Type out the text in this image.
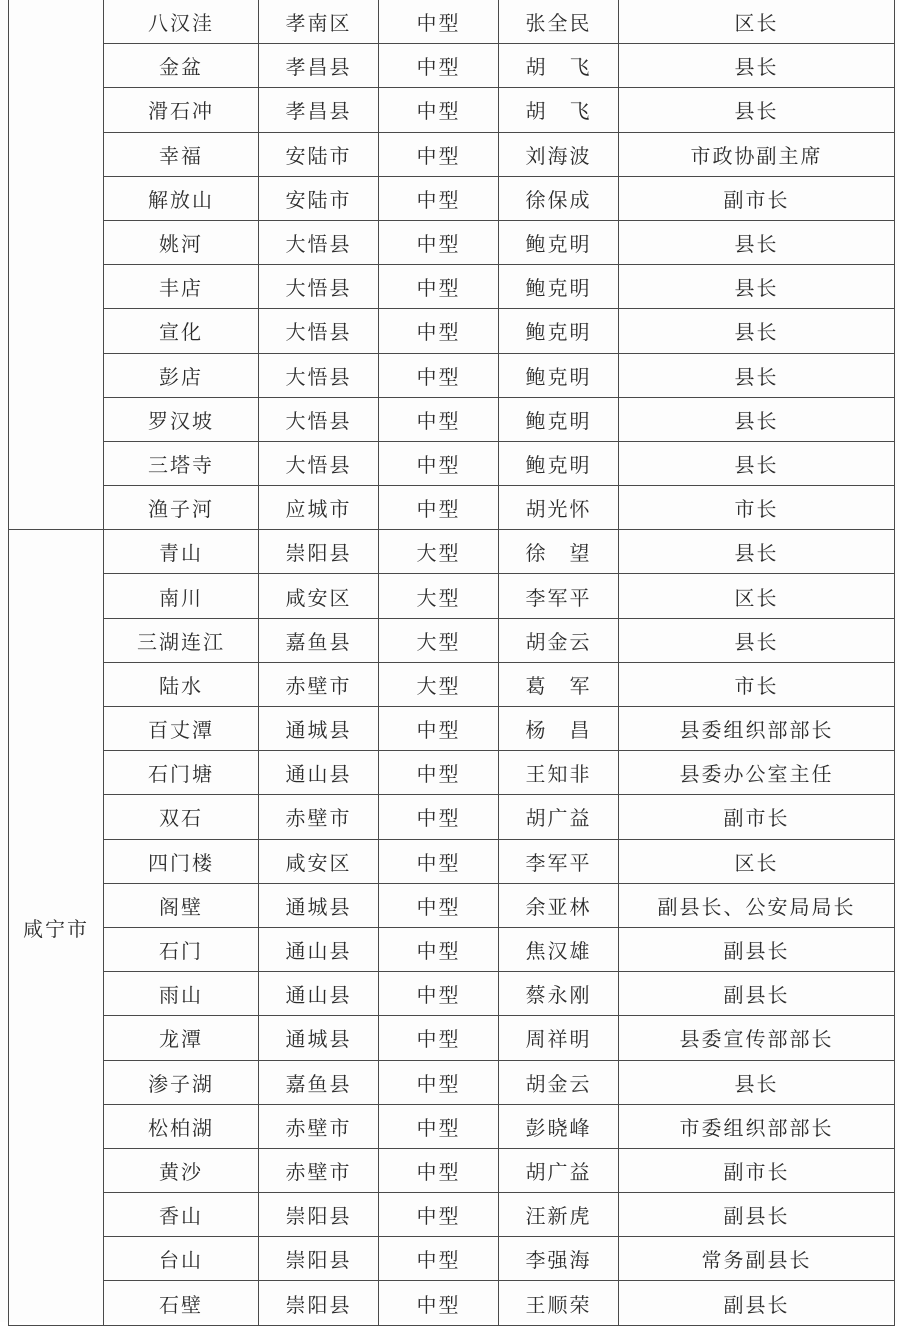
	八汉洼	孝南区	中型	张全民	区长
	金盆	孝昌县	中型	胡　飞	县长
	滑石冲	孝昌县	中型	胡　飞	县长
	幸福	安陆市	中型	刘海波	市政协副主席
	解放山	安陆市	中型	徐保成	副市长
	姚河	大悟县	中型	鲍克明	县长
	丰店	大悟县	中型	鲍克明	县长
	宣化	大悟县	中型	鲍克明	县长
	彭店	大悟县	中型	鲍克明	县长
	罗汉坡	大悟县	中型	鲍克明	县长
	三塔寺	大悟县	中型	鲍克明	县长
	渔子河	应城市	中型	胡光怀	市长
咸宁市	青山	崇阳县	大型	徐　望	县长
	南川	咸安区	大型	李军平	区长
	三湖连江	嘉鱼县	大型	胡金云	县长
	陆水	赤壁市	大型	葛　军	市长
	百丈潭	通城县	中型	杨　昌	县委组织部部长
	石门塘	通山县	中型	王知非	县委办公室主任
	双石	赤壁市	中型	胡广益	副市长
	四门楼	咸安区	中型	李军平	区长
	阁壁	通城县	中型	余亚林	副县长、公安局局长
	石门	通山县	中型	焦汉雄	副县长
	雨山	通山县	中型	蔡永刚	副县长
	龙潭	通城县	中型	周祥明	县委宣传部部长
	渗子湖	嘉鱼县	中型	胡金云	县长
	松柏湖	赤壁市	中型	彭晓峰	市委组织部部长
	黄沙	赤壁市	中型	胡广益	副市长
	香山	崇阳县	中型	汪新虎	副县长
	台山	崇阳县	中型	李强海	常务副县长
	石壁	崇阳县	中型	王顺荣	副县长
